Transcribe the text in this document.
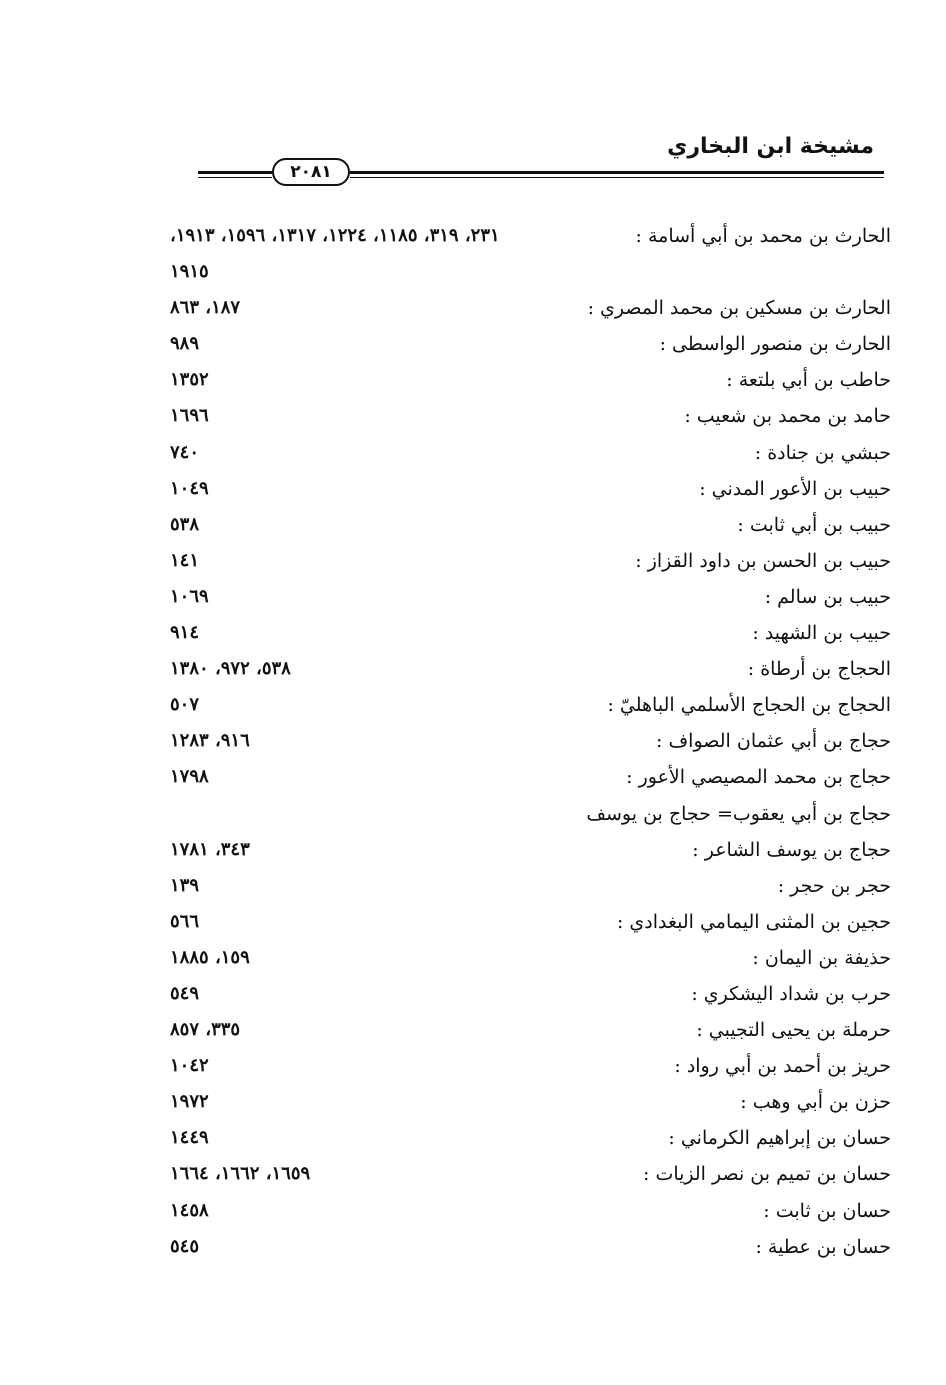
مشيخة ابن البخاري
٢٠٨١
الحارث بن محمد بن أبي أسامة :
٢٣١، ٣١٩، ١١٨٥، ١٢٢٤، ١٣١٧، ١٥٩٦، ١٩١٣،
١٩١٥
الحارث بن مسكين بن محمد المصري :
١٨٧، ٨٦٣
الحارث بن منصور الواسطى :
٩٨٩
حاطب بن أبي بلتعة :
١٣٥٢
حامد بن محمد بن شعيب :
١٦٩٦
حبشي بن جنادة :
٧٤٠
حبيب بن الأعور المدني :
١٠٤٩
حبيب بن أبي ثابت :
٥٣٨
حبيب بن الحسن بن داود القزاز :
١٤١
حبيب بن سالم :
١٠٦٩
حبيب بن الشهيد :
٩١٤
الحجاج بن أرطاة :
٥٣٨، ٩٧٢، ١٣٨٠
الحجاج بن الحجاج الأسلمي الباهليّ :
٥٠٧
حجاج بن أبي عثمان الصواف :
٩١٦، ١٢٨٣
حجاج بن محمد المصيصي الأعور :
١٧٩٨
حجاج بن أبي يعقوب= حجاج بن يوسف
حجاج بن يوسف الشاعر :
٣٤٣، ١٧٨١
حجر بن حجر :
١٣٩
حجين بن المثنى اليمامي البغدادي :
٥٦٦
حذيفة بن اليمان :
١٥٩، ١٨٨٥
حرب بن شداد اليشكري :
٥٤٩
حرملة بن يحيى التجيبي :
٣٣٥، ٨٥٧
حريز بن أحمد بن أبي رواد :
١٠٤٢
حزن بن أبي وهب :
١٩٧٢
حسان بن إبراهيم الكرماني :
١٤٤٩
حسان بن تميم بن نصر الزيات :
١٦٥٩، ١٦٦٢، ١٦٦٤
حسان بن ثابت :
١٤٥٨
حسان بن عطية :
٥٤٥
